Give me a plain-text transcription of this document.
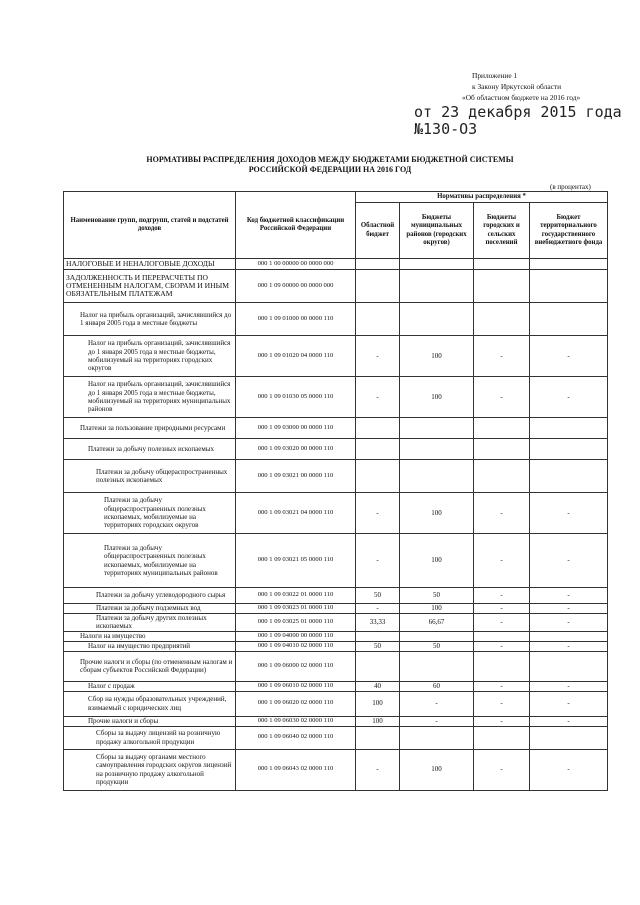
Приложение 1
к Закону Иркутской области
«Об областном бюджете на 2016 год»
от 23 декабря 2015 года
№130-ОЗ
НОРМАТИВЫ РАСПРЕДЕЛЕНИЯ ДОХОДОВ МЕЖДУ БЮДЖЕТАМИ БЮДЖЕТНОЙ СИСТЕМЫ
РОССИЙСКОЙ ФЕДЕРАЦИИ НА 2016 ГОД
(в процентах)
Наименование групп, подгрупп, статей и подстатей доходов	Код бюджетной классификации Российской Федерации	Нормативы распределения *			
		Областной бюджет	Бюджеты муниципальных районов (городских округов)	Бюджеты городских и сельских поселений	Бюджет территориального государственного внебюджетного фонда
НАЛОГОВЫЕ И НЕНАЛОГОВЫЕ ДОХОДЫ	000 1 00 00000 00 0000 000				
ЗАДОЛЖЕННОСТЬ И ПЕРЕРАСЧЕТЫ ПО ОТМЕНЕННЫМ НАЛОГАМ, СБОРАМ И ИНЫМ ОБЯЗАТЕЛЬНЫМ ПЛАТЕЖАМ	000 1 09 00000 00 0000 000				
Налог на прибыль организаций, зачислявшийся до 1 января 2005 года в местные бюджеты	000 1 09 01000 00 0000 110				
Налог на прибыль организаций, зачислявшийся до 1 января 2005 года в местные бюджеты, мобилизуемый на территориях городских округов	000 1 09 01020 04 0000 110	-	100	-	-
Налог на прибыль организаций, зачислявшийся до 1 января 2005 года в местные бюджеты, мобилизуемый на территориях муниципальных районов	000 1 09 01030 05 0000 110	-	100	-	-
Платежи за пользование природными ресурсами	000 1 09 03000 00 0000 110				
Платежи за добычу полезных ископаемых	000 1 09 03020 00 0000 110				
Платежи за добычу общераспространенных полезных ископаемых	000 1 09 03021 00 0000 110				
Платежи за добычу общераспространенных полезных ископаемых, мобилизуемые на территориях городских округов	000 1 09 03021 04 0000 110	-	100	-	-
Платежи за добычу общераспространенных полезных ископаемых, мобилизуемые на территориях муниципальных районов	000 1 09 03021 05 0000 110	-	100	-	-
Платежи за добычу углеводородного сырья	000 1 09 03022 01 0000 110	50	50	-	-
Платежи за добычу подземных вод	000 1 09 03023 01 0000 110	-	100	-	-
Платежи за добычу других полезных ископаемых	000 1 09 03025 01 0000 110	33,33	66,67	-	-
Налоги на имущество	000 1 09 04000 00 0000 110				
Налог на имущество предприятий	000 1 09 04010 02 0000 110	50	50	-	-
Прочие налоги и сборы (по отмененным налогам и сборам субъектов Российской Федерации)	000 1 09 06000 02 0000 110				
Налог с продаж	000 1 09 06010 02 0000 110	40	60	-	-
Сбор на нужды образовательных учреждений, взимаемый с юридических лиц	000 1 09 06020 02 0000 110	100	-	-	-
Прочие налоги и сборы	000 1 09 06030 02 0000 110	100	-	-	-
Сборы за выдачу лицензий на розничную продажу алкогольной продукции	000 1 09 06040 02 0000 110				
Сборы за выдачу органами местного самоуправления городских округов лицензий на розничную продажу алкогольной продукции	000 1 09 06043 02 0000 110	-	100	-	-
